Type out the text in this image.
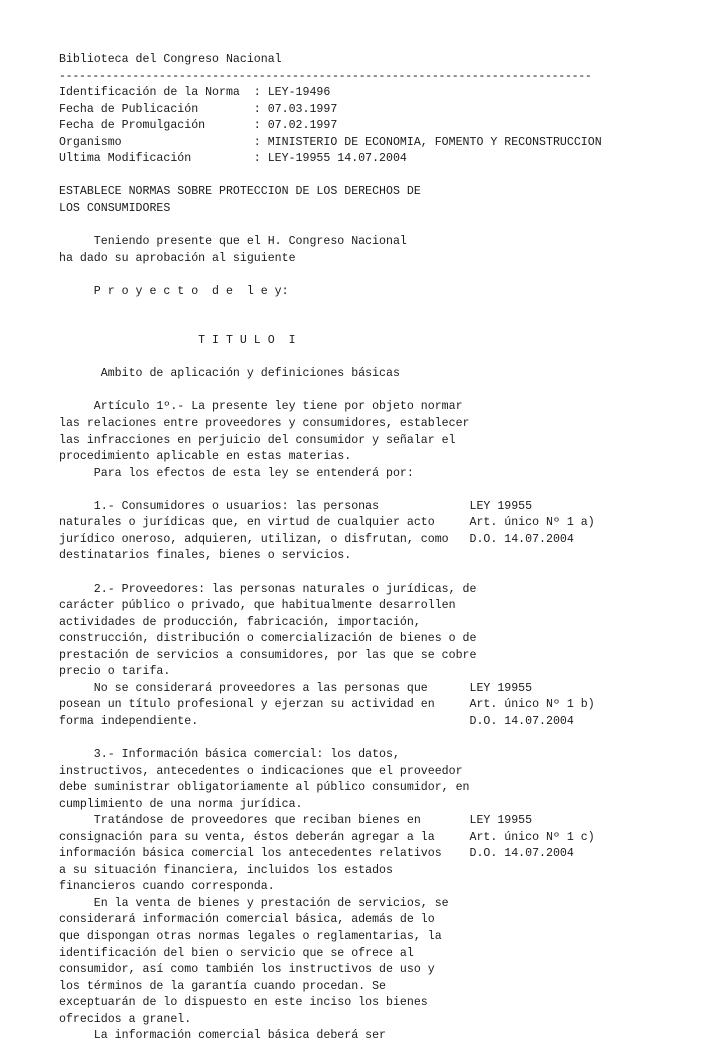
Biblioteca del Congreso Nacional
--------------------------------------------------------------------------------
Identificación de la Norma  : LEY-19496
Fecha de Publicación        : 07.03.1997
Fecha de Promulgación       : 07.02.1997
Organismo                   : MINISTERIO DE ECONOMIA, FOMENTO Y RECONSTRUCCION
Ultima Modificación         : LEY-19955 14.07.2004
ESTABLECE NORMAS SOBRE PROTECCION DE LOS DERECHOS DE
LOS CONSUMIDORES
Teniendo presente que el H. Congreso Nacional
ha dado su aprobación al siguiente
P r o y e c t o  d e  l e y:
T I T U L O  I
Ambito de aplicación y definiciones básicas
Artículo 1º.- La presente ley tiene por objeto normar
las relaciones entre proveedores y consumidores, establecer
las infracciones en perjuicio del consumidor y señalar el
procedimiento aplicable en estas materias.
Para los efectos de esta ley se entenderá por:
1.- Consumidores o usuarios: las personas             LEY 19955
naturales o jurídicas que, en virtud de cualquier acto     Art. único Nº 1 a)
jurídico oneroso, adquieren, utilizan, o disfrutan, como   D.O. 14.07.2004
destinatarios finales, bienes o servicios.
2.- Proveedores: las personas naturales o jurídicas, de
carácter público o privado, que habitualmente desarrollen
actividades de producción, fabricación, importación,
construcción, distribución o comercialización de bienes o de
prestación de servicios a consumidores, por las que se cobre
precio o tarifa.
No se considerará proveedores a las personas que      LEY 19955
posean un título profesional y ejerzan su actividad en     Art. único Nº 1 b)
forma independiente.                                       D.O. 14.07.2004
3.- Información básica comercial: los datos,
instructivos, antecedentes o indicaciones que el proveedor
debe suministrar obligatoriamente al público consumidor, en
cumplimiento de una norma jurídica.
Tratándose de proveedores que reciban bienes en       LEY 19955
consignación para su venta, éstos deberán agregar a la     Art. único Nº 1 c)
información básica comercial los antecedentes relativos    D.O. 14.07.2004
a su situación financiera, incluidos los estados
financieros cuando corresponda.
En la venta de bienes y prestación de servicios, se
considerará información comercial básica, además de lo
que dispongan otras normas legales o reglamentarias, la
identificación del bien o servicio que se ofrece al
consumidor, así como también los instructivos de uso y
los términos de la garantía cuando procedan. Se
exceptuarán de lo dispuesto en este inciso los bienes
ofrecidos a granel.
La información comercial básica deberá ser
